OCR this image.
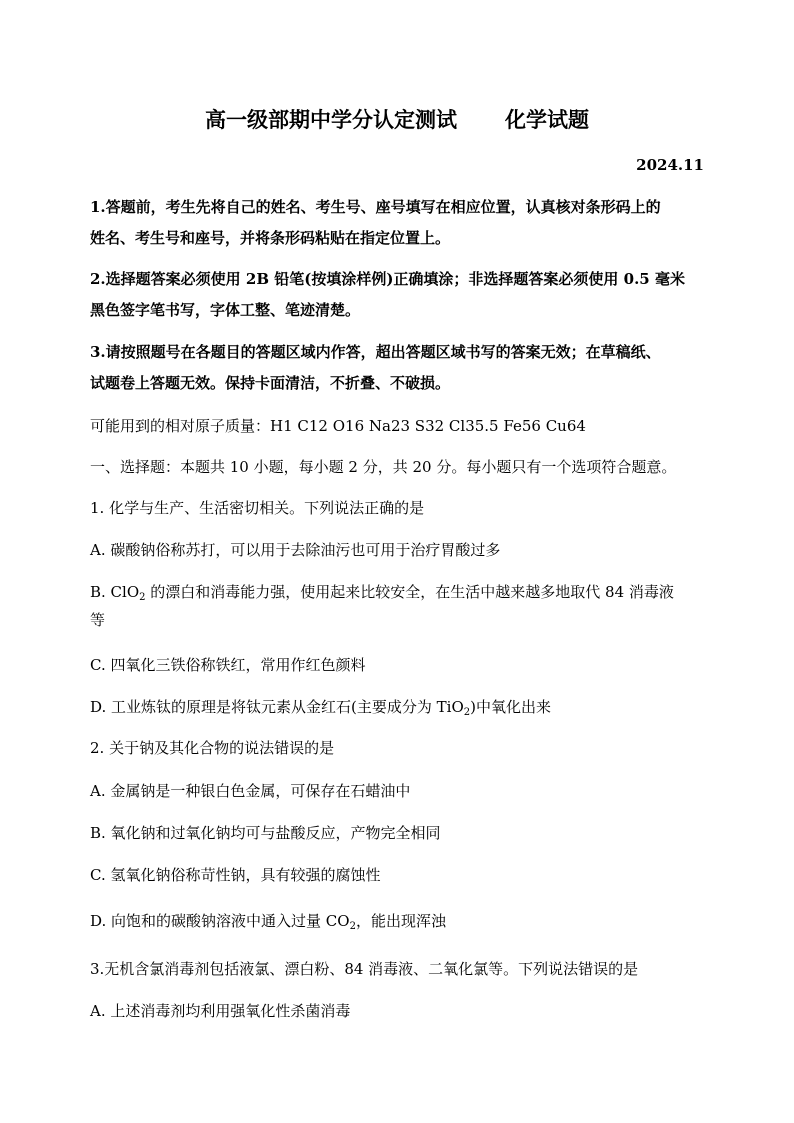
高一级部期中学分认定测试 化学试题
2024.11
1.答题前，考生先将自己的姓名、考生号、座号填写在相应位置，认真核对条形码上的
姓名、考生号和座号，并将条形码粘贴在指定位置上。
2.选择题答案必须使用 2B 铅笔(按填涂样例)正确填涂；非选择题答案必须使用 0.5 毫米
黑色签字笔书写，字体工整、笔迹清楚。
3.请按照题号在各题目的答题区域内作答，超出答题区域书写的答案无效；在草稿纸、
试题卷上答题无效。保持卡面清洁，不折叠、不破损。
可能用到的相对原子质量：H1 C12 O16 Na23 S32 Cl35.5 Fe56 Cu64
一、选择题：本题共 10 小题，每小题 2 分，共 20 分。每小题只有一个选项符合题意。
1. 化学与生产、生活密切相关。下列说法正确的是
A. 碳酸钠俗称苏打，可以用于去除油污也可用于治疗胃酸过多
B. ClO$_2$ 的漂白和消毒能力强，使用起来比较安全，在生活中越来越多地取代 84 消毒液
等
C. 四氧化三铁俗称铁红，常用作红色颜料
D. 工业炼钛的原理是将钛元素从金红石(主要成分为 TiO$_2$)中氧化出来
2. 关于钠及其化合物的说法错误的是
A. 金属钠是一种银白色金属，可保存在石蜡油中
B. 氧化钠和过氧化钠均可与盐酸反应，产物完全相同
C. 氢氧化钠俗称苛性钠，具有较强的腐蚀性
D. 向饱和的碳酸钠溶液中通入过量 $CO_2$，能出现浑浊
3.无机含氯消毒剂包括液氯、漂白粉、84 消毒液、二氧化氯等。下列说法错误的是
A. 上述消毒剂均利用强氧化性杀菌消毒
